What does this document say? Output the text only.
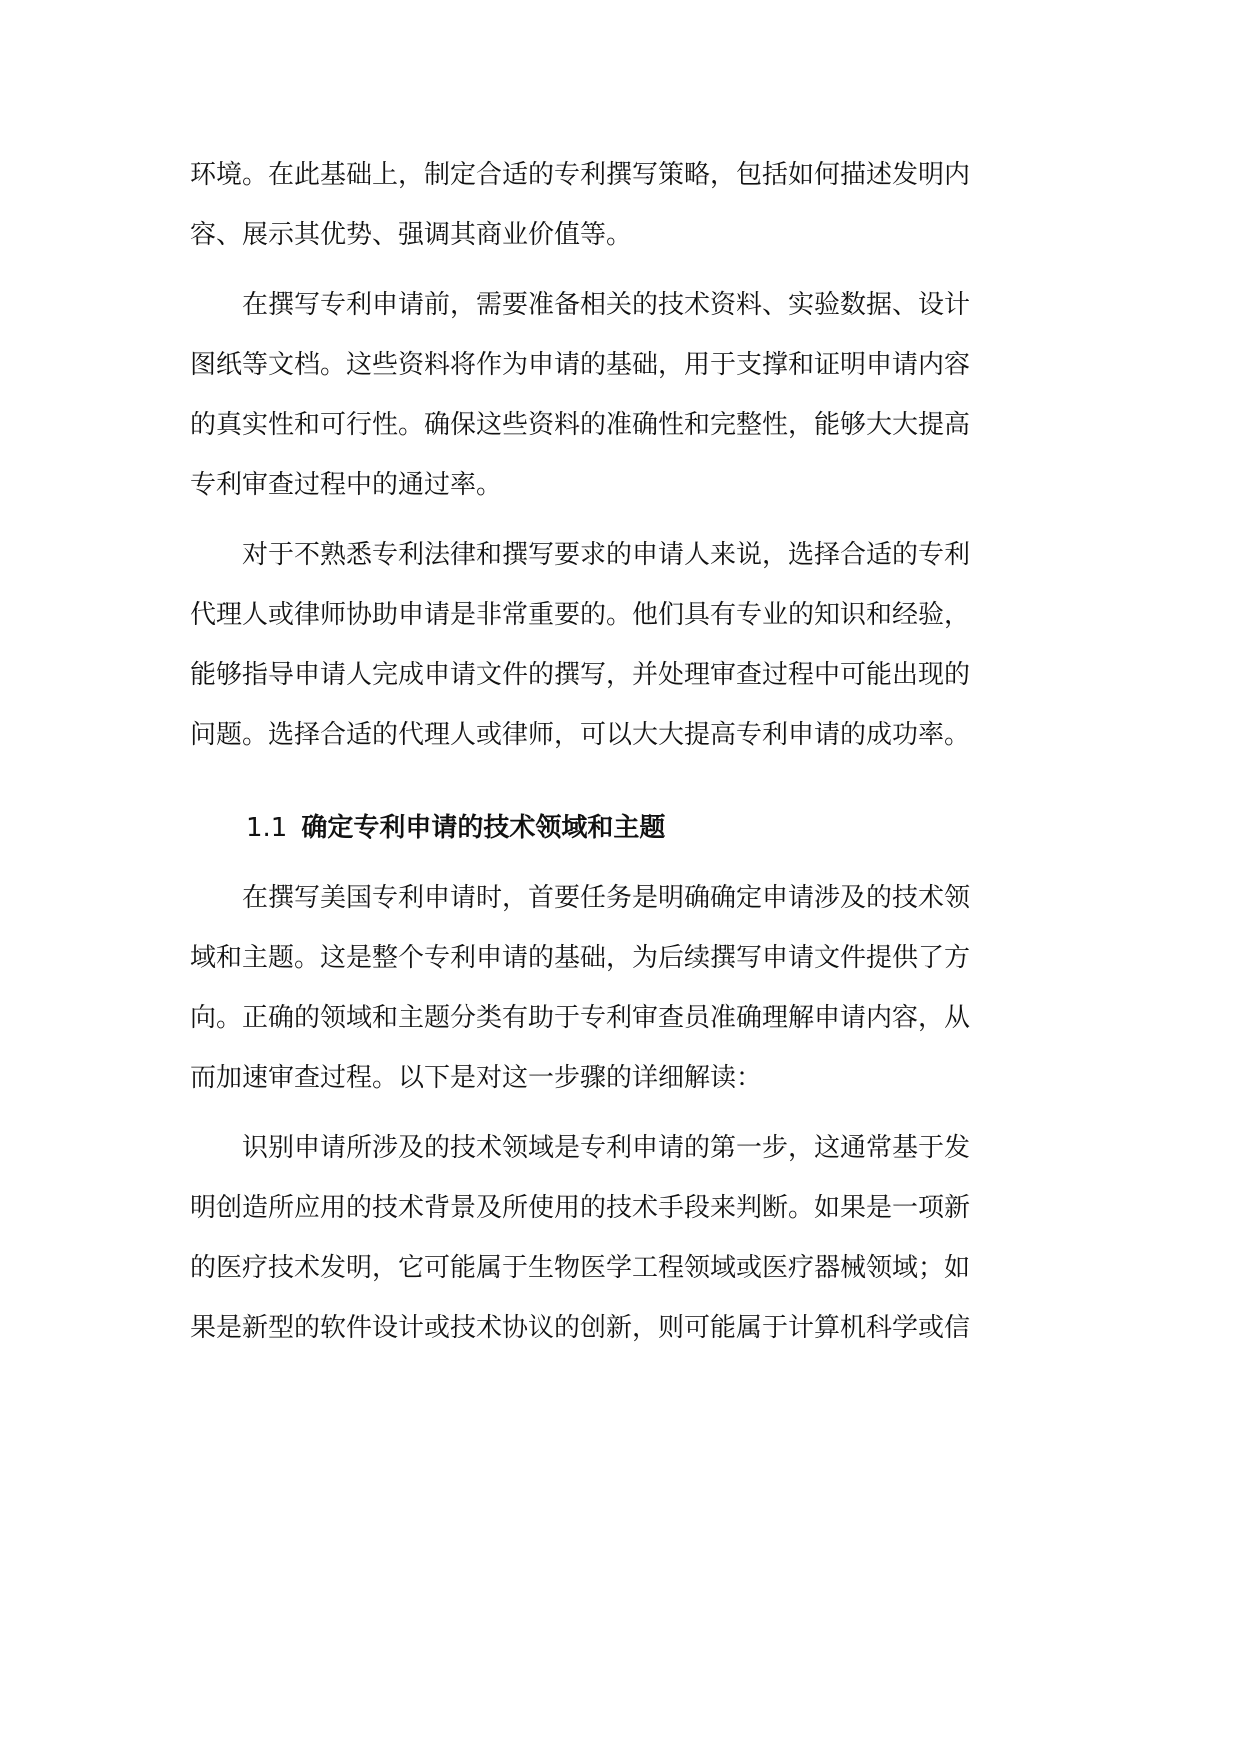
环境。在此基础上，制定合适的专利撰写策略，包括如何描述发明内
容、展示其优势、强调其商业价值等。
　　在撰写专利申请前，需要准备相关的技术资料、实验数据、设计
图纸等文档。这些资料将作为申请的基础，用于支撑和证明申请内容
的真实性和可行性。确保这些资料的准确性和完整性，能够大大提高
专利审查过程中的通过率。
　　对于不熟悉专利法律和撰写要求的申请人来说，选择合适的专利
代理人或律师协助申请是非常重要的。他们具有专业的知识和经验，
能够指导申请人完成申请文件的撰写，并处理审查过程中可能出现的
问题。选择合适的代理人或律师，可以大大提高专利申请的成功率。
1.1 确定专利申请的技术领域和主题
　　在撰写美国专利申请时，首要任务是明确确定申请涉及的技术领
域和主题。这是整个专利申请的基础，为后续撰写申请文件提供了方
向。正确的领域和主题分类有助于专利审查员准确理解申请内容，从
而加速审查过程。以下是对这一步骤的详细解读：
　　识别申请所涉及的技术领域是专利申请的第一步，这通常基于发
明创造所应用的技术背景及所使用的技术手段来判断。如果是一项新
的医疗技术发明，它可能属于生物医学工程领域或医疗器械领域；如
果是新型的软件设计或技术协议的创新，则可能属于计算机科学或信
